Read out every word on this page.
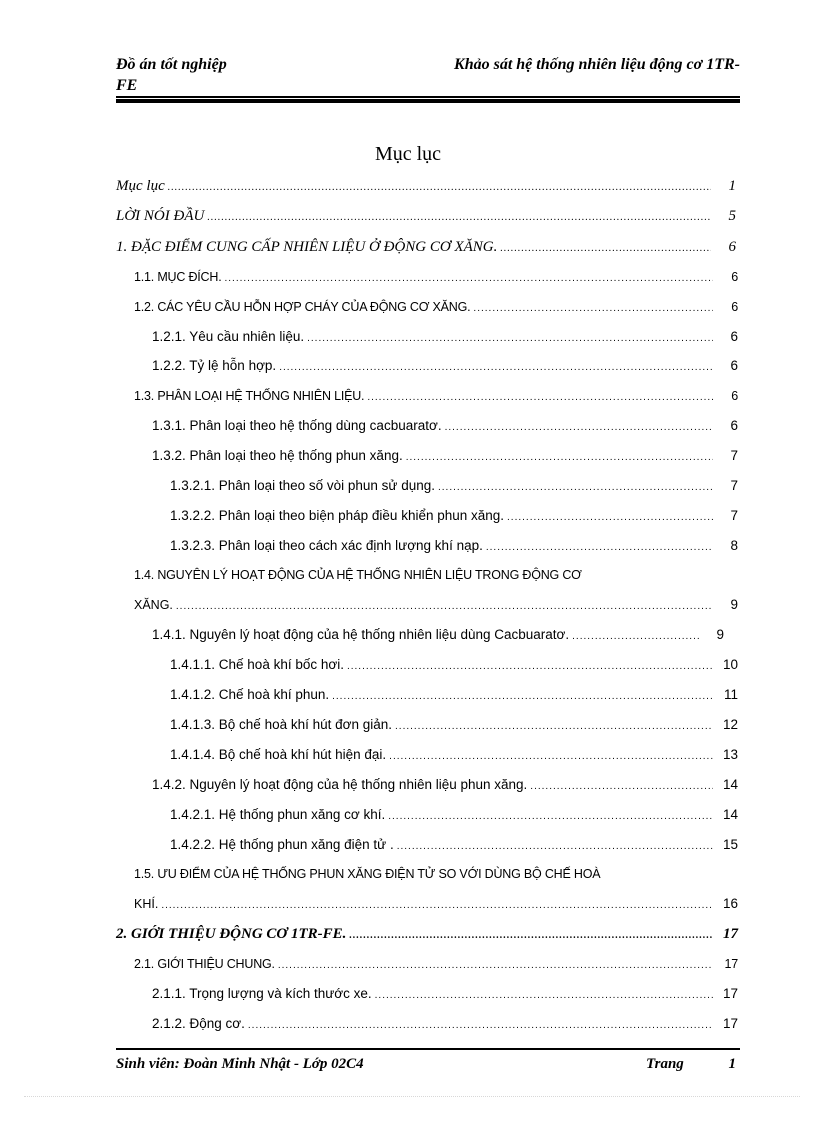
Đồ án tốt nghiệp
FE
Khảo sát hệ thống nhiên liệu động cơ 1TR-
Mục lục
Mục lục .....	1
LỜI NÓI ĐẦU .....	5
1. ĐẶC ĐIỂM CUNG CẤP NHIÊN LIỆU Ở ĐỘNG CƠ XĂNG. .....	6
1.1. MỤC ĐÍCH. .....	6
1.2. CÁC YÊU CẦU HỖN HỢP CHÁY CỦA ĐỘNG CƠ XĂNG. .....	6
1.2.1. Yêu cầu nhiên liệu. .....	6
1.2.2. Tỷ lệ hỗn hợp. .....	6
1.3. PHÂN LOẠI HỆ THỐNG NHIÊN LIỆU. .....	6
1.3.1. Phân loại theo hệ thống dùng cacbuaratơ. .....	6
1.3.2. Phân loại theo hệ thống phun xăng. .....	7
1.3.2.1. Phân loại theo số vòi phun sử dụng. .....	7
1.3.2.2. Phân loại theo biện pháp điều khiển phun xăng. .....	7
1.3.2.3. Phân loại theo cách xác định lượng khí nạp. .....	8
1.4. NGUYÊN LÝ HOẠT ĐỘNG CỦA HỆ THỐNG NHIÊN LIỆU TRONG ĐỘNG CƠ
XĂNG. .....	9
1.4.1. Nguyên lý hoạt động của hệ thống nhiên liệu dùng Cacbuaratơ. .....	9
1.4.1.1. Chế hoà khí bốc hơi. .....	10
1.4.1.2. Chế hoà khí phun. .....	11
1.4.1.3. Bộ chế hoà khí hút đơn giản. .....	12
1.4.1.4. Bộ chế hoà khí hút hiện đại. .....	13
1.4.2. Nguyên lý hoạt động của hệ thống nhiên liệu phun xăng. .....	14
1.4.2.1. Hệ thống phun xăng cơ khí. .....	14
1.4.2.2. Hệ thống phun xăng điện tử . .....	15
1.5. ƯU ĐIỂM CỦA HỆ THỐNG PHUN XĂNG ĐIỆN TỬ SO VỚI DÙNG BỘ CHẾ HOÀ
KHÍ. .....	16
2. GIỚI THIỆU ĐỘNG CƠ 1TR-FE. .....	17
2.1. GIỚI THIỆU CHUNG. .....	17
2.1.1. Trọng lượng và kích thước xe. .....	17
2.1.2. Động cơ. .....	17
Sinh viên: Đoàn Minh Nhật - Lớp 02C4	Trang	1
